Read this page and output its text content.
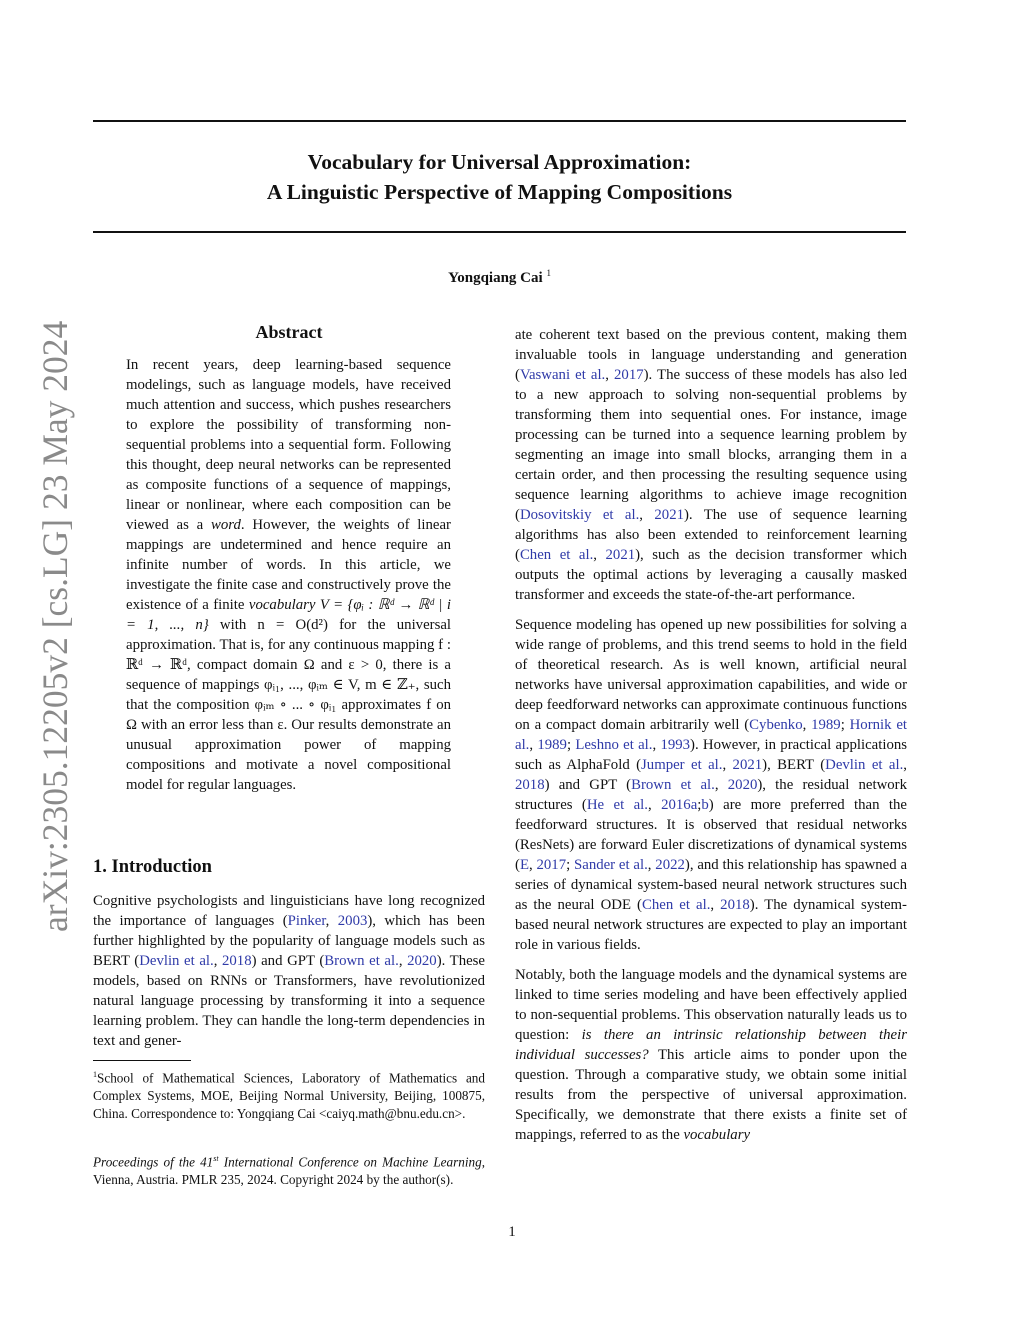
arXiv:2305.12205v2 [cs.LG] 23 May 2024
Vocabulary for Universal Approximation:
A Linguistic Perspective of Mapping Compositions
Yongqiang Cai $^1$
Abstract

In recent years, deep learning-based sequence modelings, such as language models, have received much attention and success, which pushes researchers to explore the possibility of transforming non-sequential problems into a sequential form. Following this thought, deep neural networks can be represented as composite functions of a sequence of mappings, linear or nonlinear, where each composition can be viewed as a word. However, the weights of linear mappings are undetermined and hence require an infinite number of words. In this article, we investigate the finite case and constructively prove the existence of a finite vocabulary V = {φᵢ : ℝᵈ → ℝᵈ | i = 1, ..., n} with n = O(d²) for the universal approximation. That is, for any continuous mapping f : ℝᵈ → ℝᵈ, compact domain Ω and ε > 0, there is a sequence of mappings φᵢ₁, ..., φᵢₘ ∈ V, m ∈ ℤ₊, such that the composition φᵢₘ ∘ ... ∘ φᵢ₁ approximates f on Ω with an error less than ε. Our results demonstrate an unusual approximation power of mapping compositions and motivate a novel compositional model for regular languages.

1. Introduction

Cognitive psychologists and linguisticians have long recognized the importance of languages (Pinker, 2003), which has been further highlighted by the popularity of language models such as BERT (Devlin et al., 2018) and GPT (Brown et al., 2020). These models, based on RNNs or Transformers, have revolutionized natural language processing by transforming it into a sequence learning problem. They can handle the long-term dependencies in text and gener-

$^1$School of Mathematical Sciences, Laboratory of Mathematics and Complex Systems, MOE, Beijing Normal University, Beijing, 100875, China. Correspondence to: Yongqiang Cai <caiyq.math@bnu.edu.cn>.
Proceedings of the 41st International Conference on Machine Learning, Vienna, Austria. PMLR 235, 2024. Copyright 2024 by the author(s).

ate coherent text based on the previous content, making them invaluable tools in language understanding and generation (Vaswani et al., 2017). The success of these models has also led to a new approach to solving non-sequential problems by transforming them into sequential ones. For instance, image processing can be turned into a sequence learning problem by segmenting an image into small blocks, arranging them in a certain order, and then processing the resulting sequence using sequence learning algorithms to achieve image recognition (Dosovitskiy et al., 2021). The use of sequence learning algorithms has also been extended to reinforcement learning (Chen et al., 2021), such as the decision transformer which outputs the optimal actions by leveraging a causally masked transformer and exceeds the state-of-the-art performance.

Sequence modeling has opened up new possibilities for solving a wide range of problems, and this trend seems to hold in the field of theoretical research. As is well known, artificial neural networks have universal approximation capabilities, and wide or deep feedforward networks can approximate continuous functions on a compact domain arbitrarily well (Cybenko, 1989; Hornik et al., 1989; Leshno et al., 1993). However, in practical applications such as AlphaFold (Jumper et al., 2021), BERT (Devlin et al., 2018) and GPT (Brown et al., 2020), the residual network structures (He et al., 2016a;b) are more preferred than the feedforward structures. It is observed that residual networks (ResNets) are forward Euler discretizations of dynamical systems (E, 2017; Sander et al., 2022), and this relationship has spawned a series of dynamical system-based neural network structures such as the neural ODE (Chen et al., 2018). The dynamical system-based neural network structures are expected to play an important role in various fields.

Notably, both the language models and the dynamical systems are linked to time series modeling and have been effectively applied to non-sequential problems. This observation naturally leads us to question: is there an intrinsic relationship between their individual successes? This article aims to ponder upon the question. Through a comparative study, we obtain some initial results from the perspective of universal approximation. Specifically, we demonstrate that there exists a finite set of mappings, referred to as the vocabulary

1
